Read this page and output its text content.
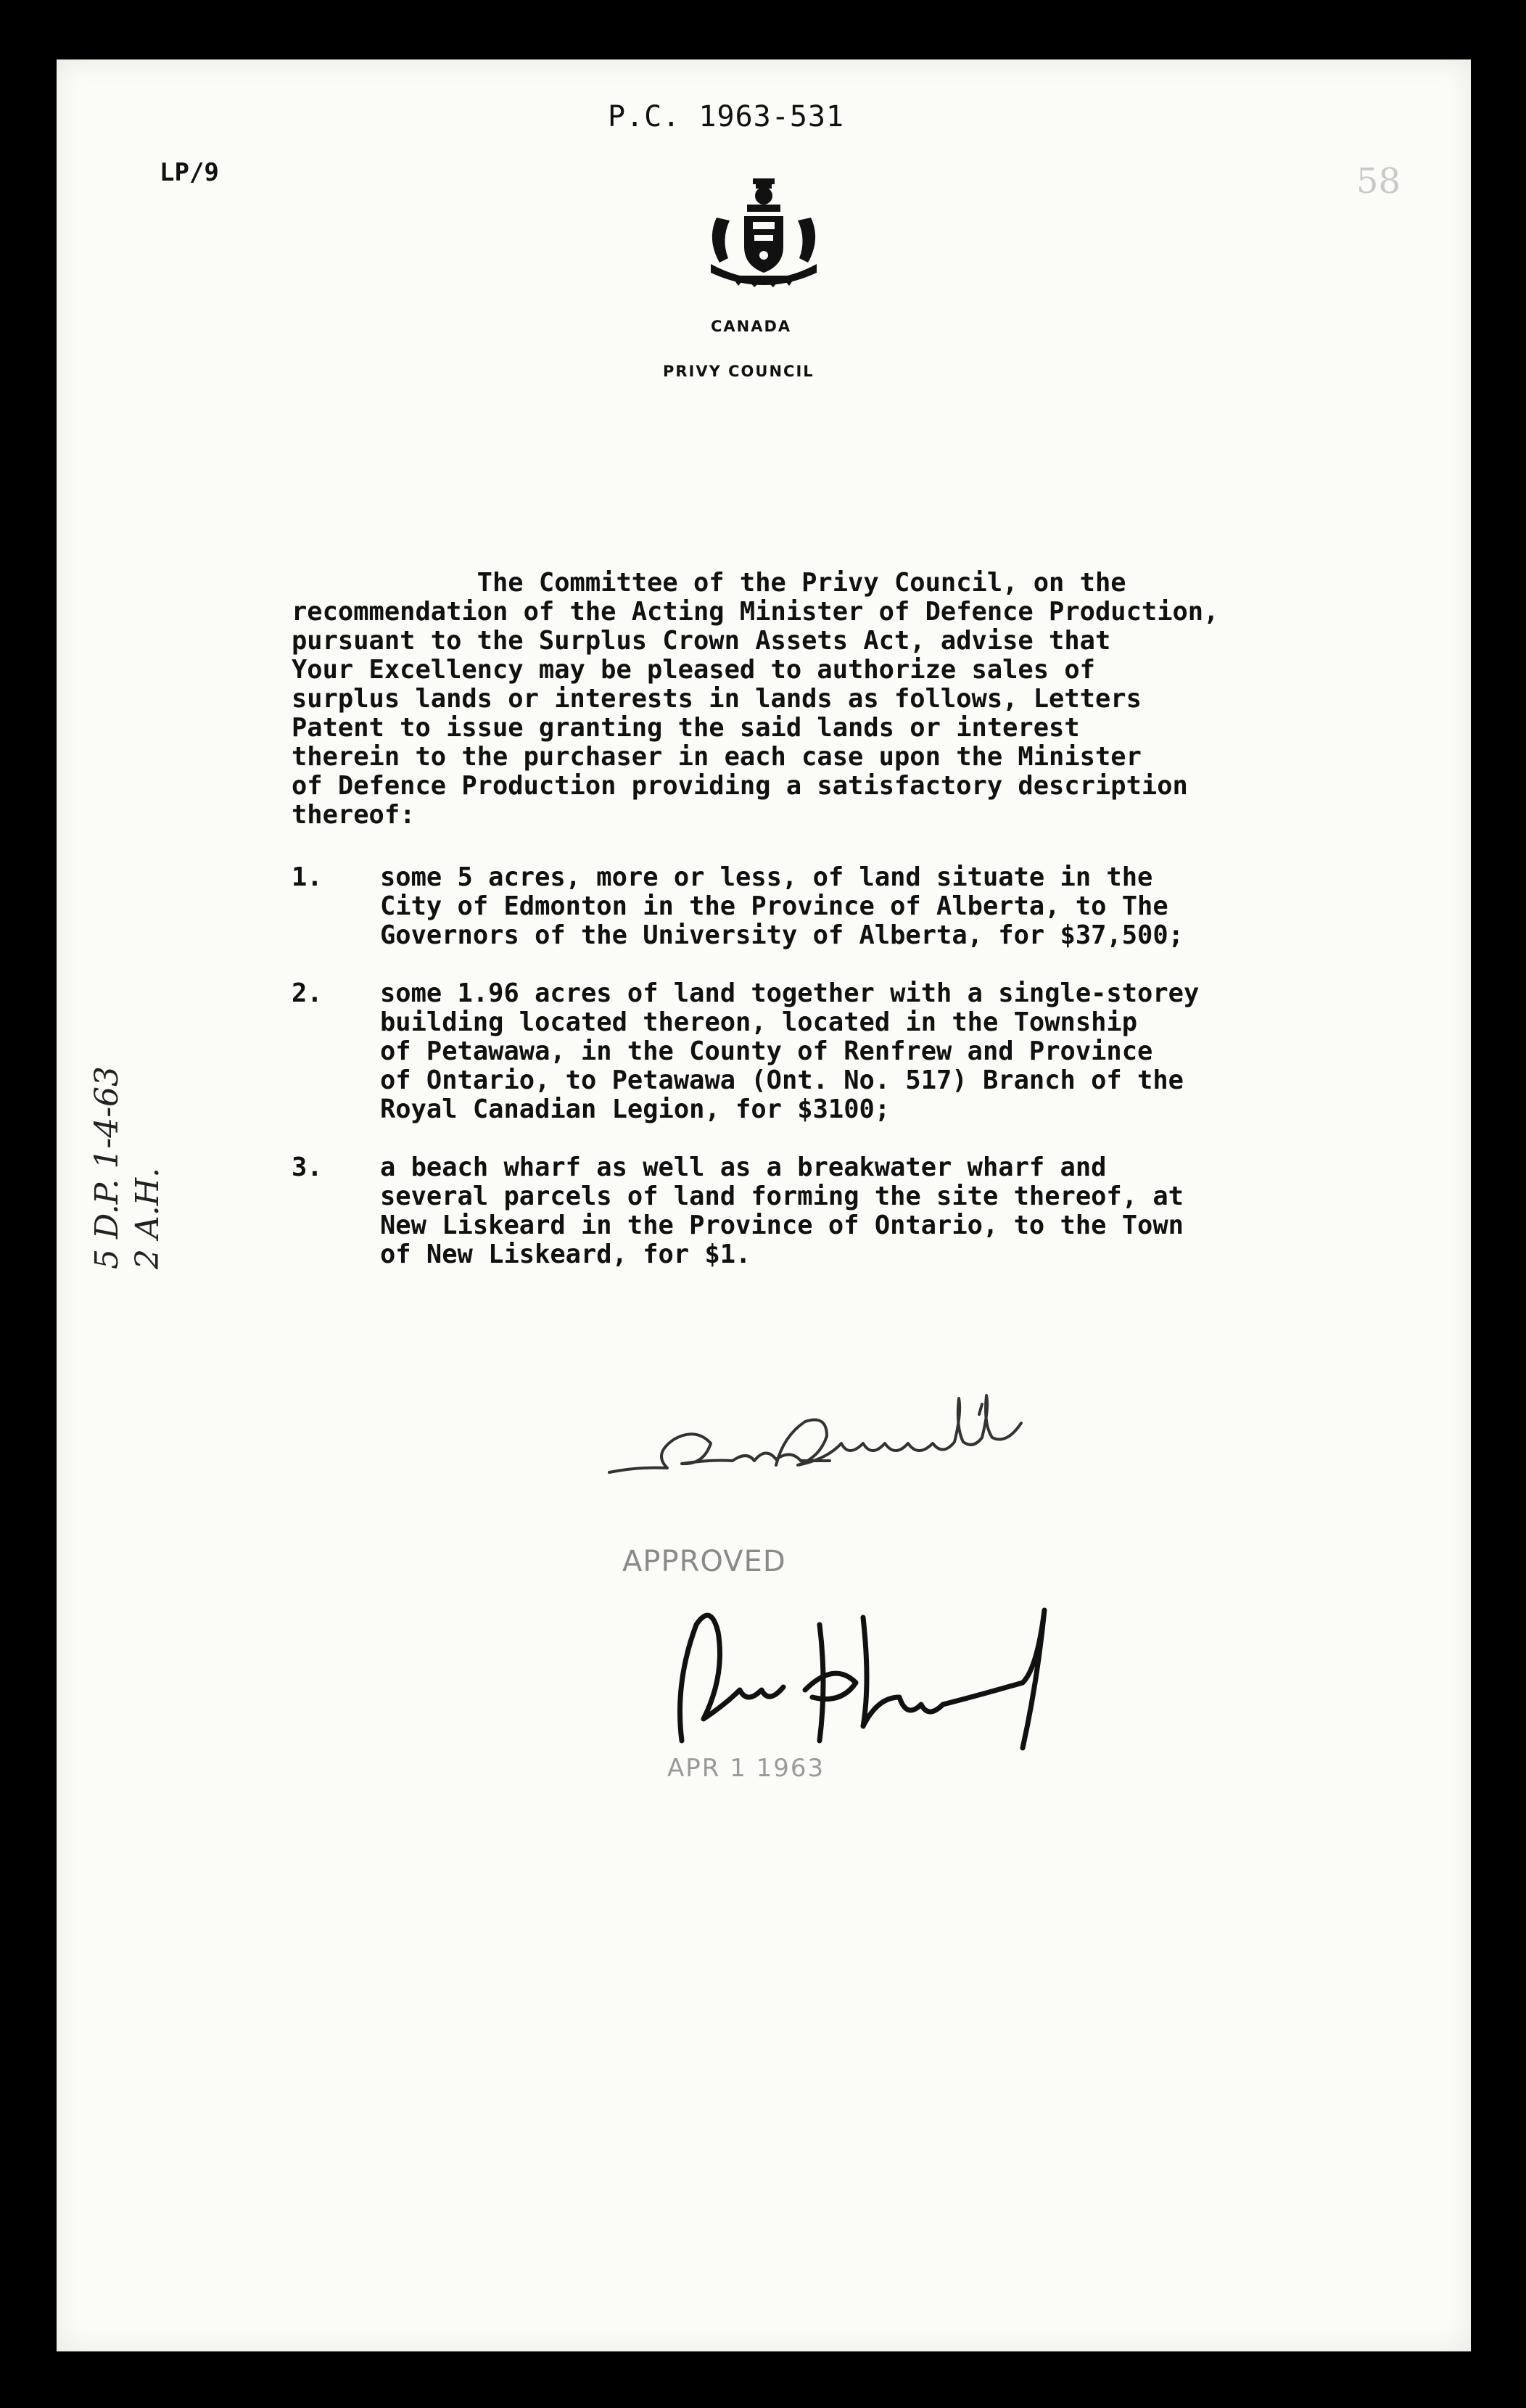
P.C. 1963-531
LP/9	58
CANADA
PRIVY COUNCIL
The Committee of the Privy Council, on the
recommendation of the Acting Minister of Defence Production,
pursuant to the Surplus Crown Assets Act, advise that
Your Excellency may be pleased to authorize sales of
surplus lands or interests in lands as follows, Letters
Patent to issue granting the said lands or interest
therein to the purchaser in each case upon the Minister
of Defence Production providing a satisfactory description
thereof:
1. some 5 acres, more or less, of land situate in the
City of Edmonton in the Province of Alberta, to The
Governors of the University of Alberta, for $37,500;
2. some 1.96 acres of land together with a single-storey
building located thereon, located in the Township
of Petawawa, in the County of Renfrew and Province
of Ontario, to Petawawa (Ont. No. 517) Branch of the
Royal Canadian Legion, for $3100;
3. a beach wharf as well as a breakwater wharf and
several parcels of land forming the site thereof, at
New Liskeard in the Province of Ontario, to the Town
of New Liskeard, for $1.
5 D.P. 1-4-63 2 A.H.
APPROVED
APR 1 1963
